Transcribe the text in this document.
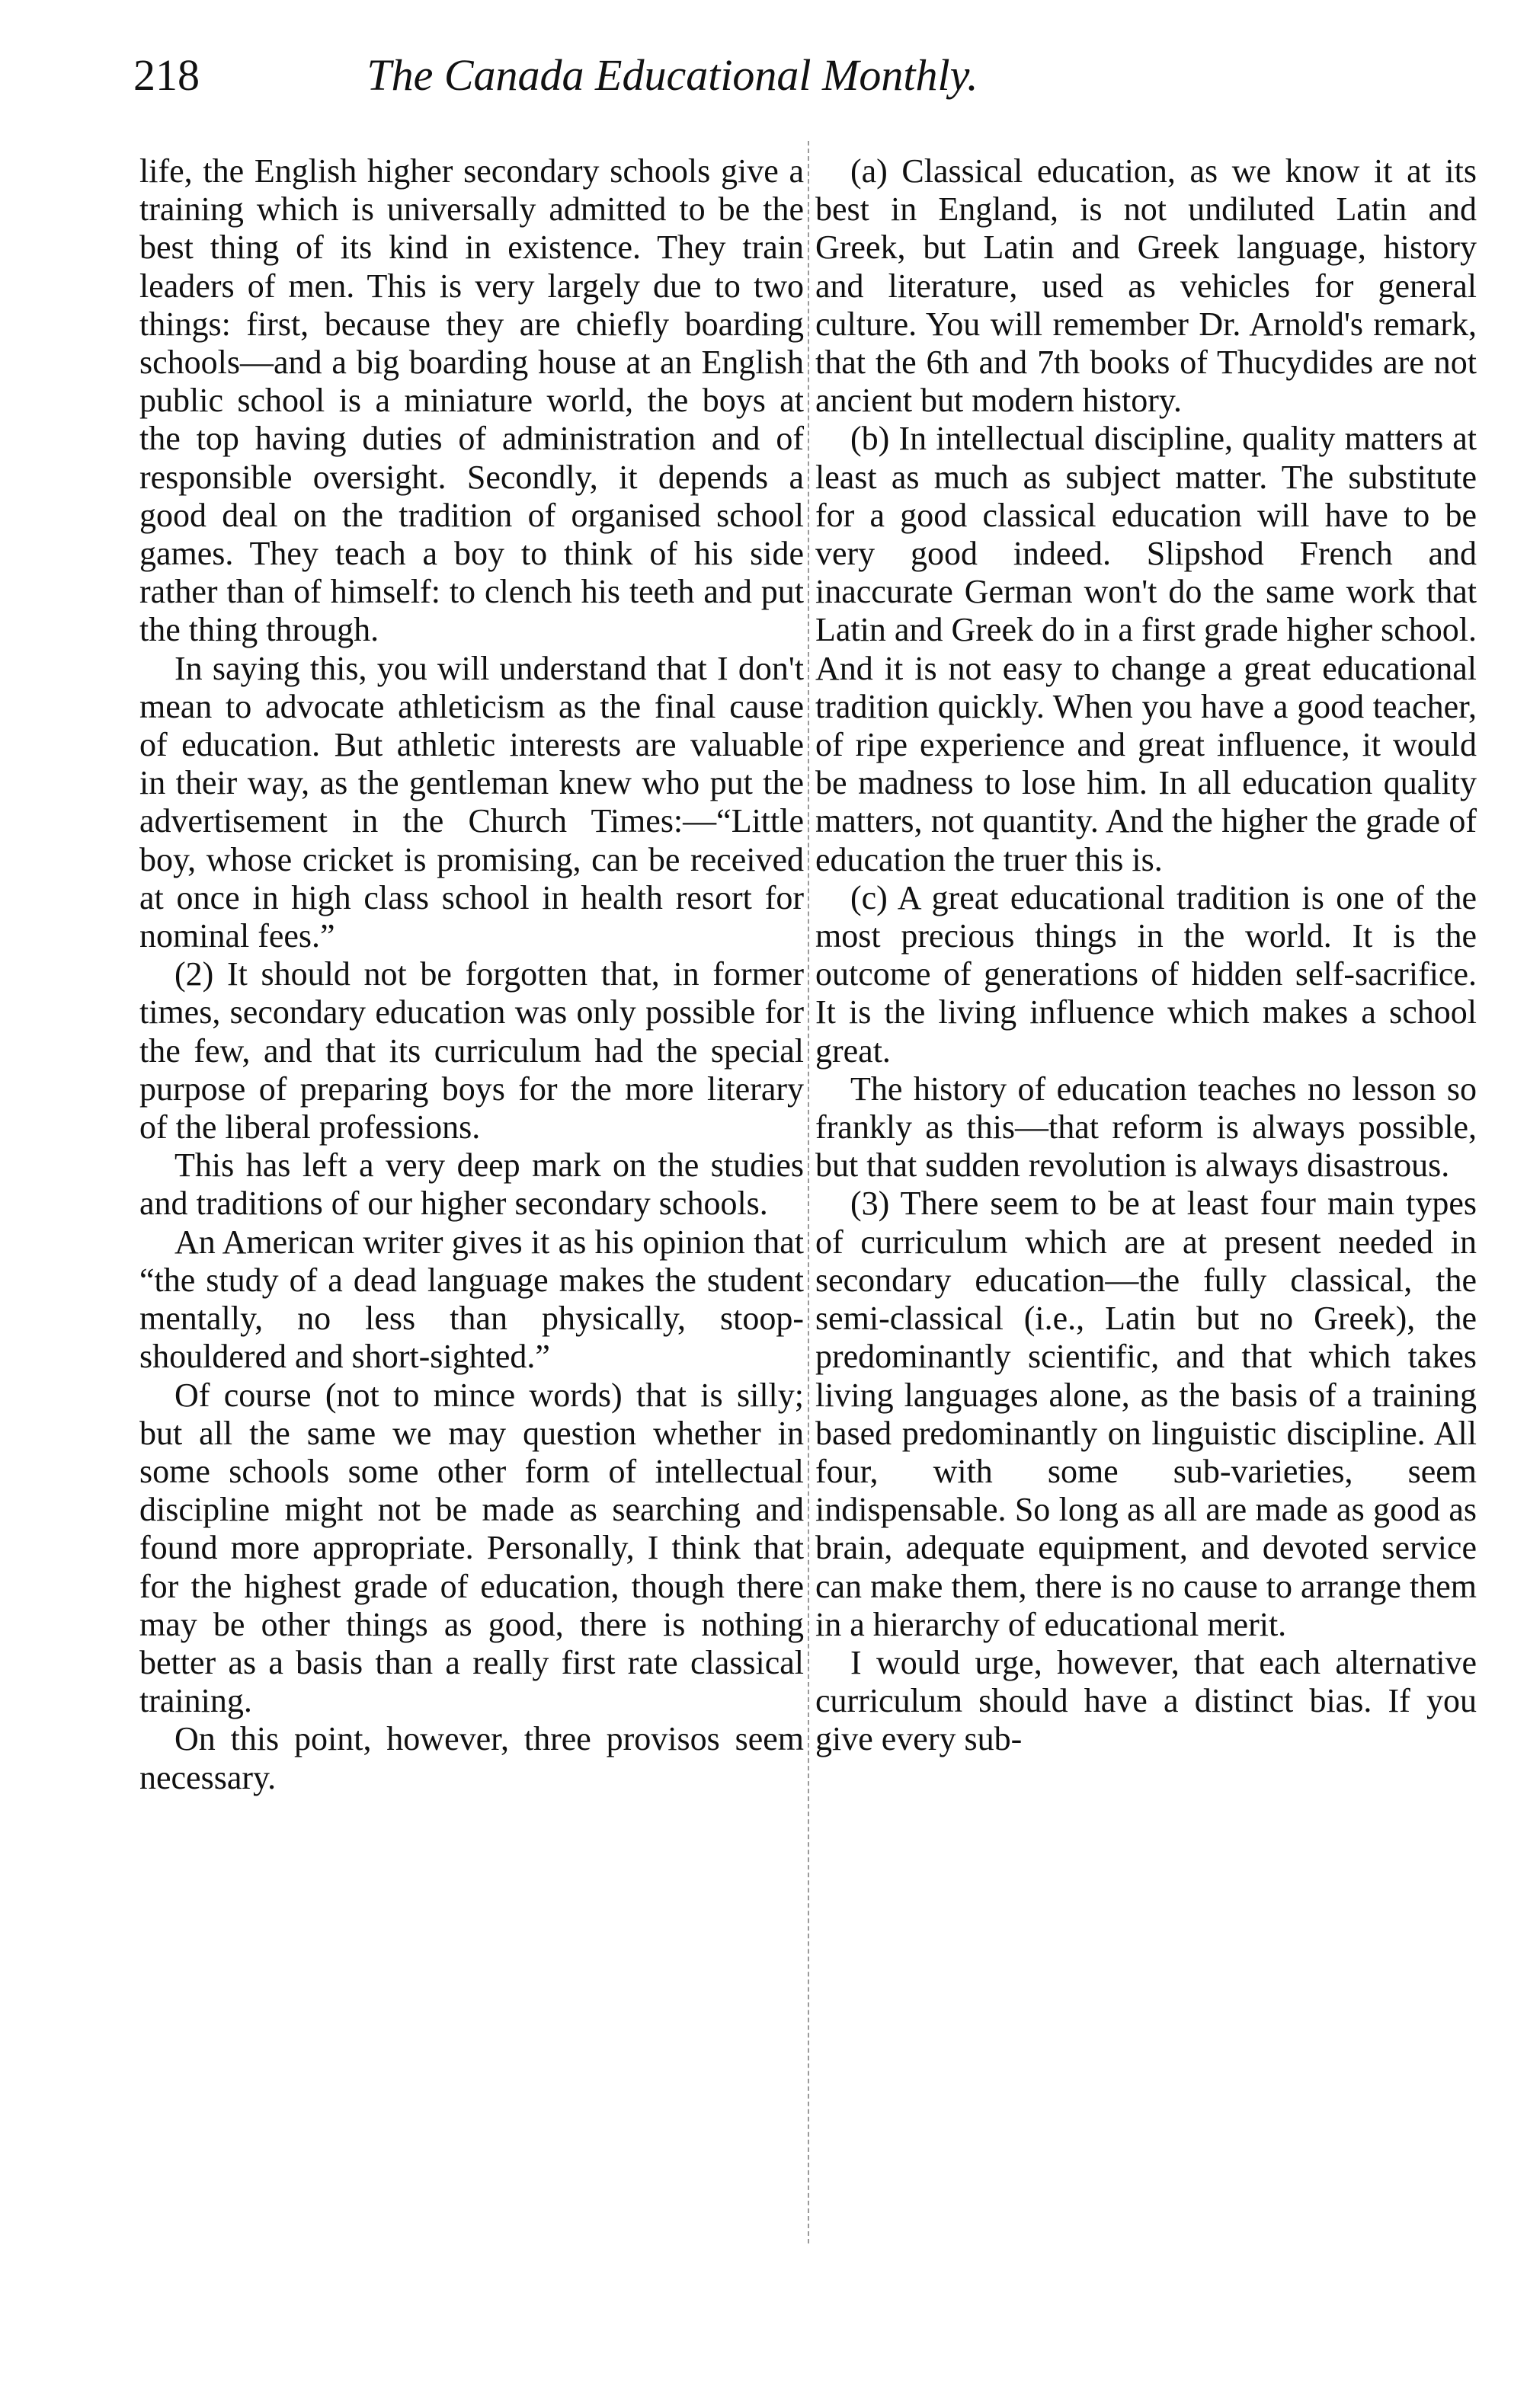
218	The Canada Educational Monthly.

life, the English higher secondary schools give a training which is universally admitted to be the best thing of its kind in existence. They train leaders of men. This is very largely due to two things: first, because they are chiefly boarding schools—and a big boarding house at an English public school is a miniature world, the boys at the top having duties of administration and of responsible oversight. Secondly, it depends a good deal on the tradition of organised school games. They teach a boy to think of his side rather than of himself: to clench his teeth and put the thing through.

In saying this, you will understand that I don't mean to advocate athleticism as the final cause of education. But athletic interests are valuable in their way, as the gentleman knew who put the advertisement in the Church Times:—“Little boy, whose cricket is promising, can be received at once in high class school in health resort for nominal fees.”

(2) It should not be forgotten that, in former times, secondary education was only possible for the few, and that its curriculum had the special purpose of preparing boys for the more literary of the liberal professions.

This has left a very deep mark on the studies and traditions of our higher secondary schools.

An American writer gives it as his opinion that “the study of a dead language makes the student mentally, no less than physically, stoop-shouldered and short-sighted.”

Of course (not to mince words) that is silly; but all the same we may question whether in some schools some other form of intellectual discipline might not be made as searching and found more appropriate. Personally, I think that for the highest grade of education, though there may be other things as good, there is nothing better as a basis than a really first rate classical training.

On this point, however, three provisos seem necessary.

(a) Classical education, as we know it at its best in England, is not undiluted Latin and Greek, but Latin and Greek language, history and literature, used as vehicles for general culture. You will remember Dr. Arnold's remark, that the 6th and 7th books of Thucydides are not ancient but modern history.

(b) In intellectual discipline, quality matters at least as much as subject matter. The substitute for a good classical education will have to be very good indeed. Slipshod French and inaccurate German won't do the same work that Latin and Greek do in a first grade higher school. And it is not easy to change a great educational tradition quickly. When you have a good teacher, of ripe experience and great influence, it would be madness to lose him. In all education quality matters, not quantity. And the higher the grade of education the truer this is.

(c) A great educational tradition is one of the most precious things in the world. It is the outcome of generations of hidden self-sacrifice. It is the living influence which makes a school great.

The history of education teaches no lesson so frankly as this—that reform is always possible, but that sudden revolution is always disastrous.

(3) There seem to be at least four main types of curriculum which are at present needed in secondary education—the fully classical, the semi-classical (i.e., Latin but no Greek), the predominantly scientific, and that which takes living languages alone, as the basis of a training based predominantly on linguistic discipline. All four, with some sub-varieties, seem indispensable. So long as all are made as good as brain, adequate equipment, and devoted service can make them, there is no cause to arrange them in a hierarchy of educational merit.

I would urge, however, that each alternative curriculum should have a distinct bias. If you give every sub-
